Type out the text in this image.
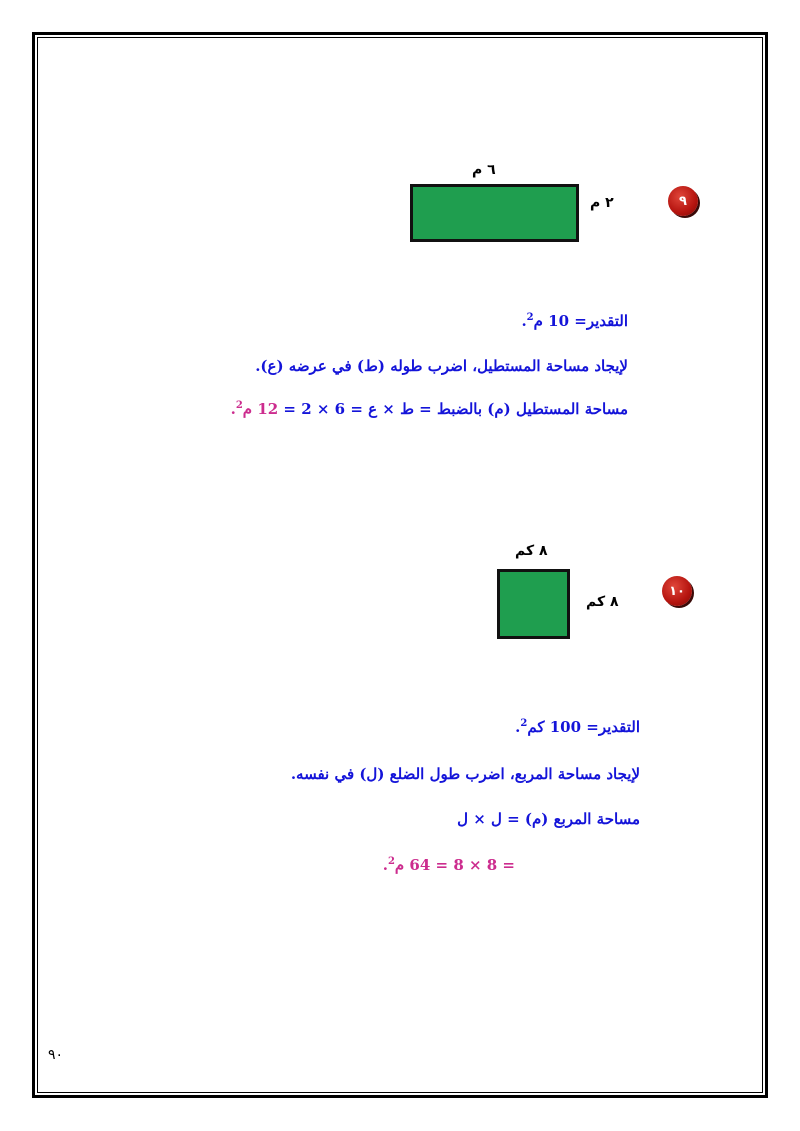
٩
٦ م
٢ م
التقدير= 10 م$^2$.
لإيجاد مساحة المستطيل، اضرب طوله (ط) في عرضه (ع).
مساحة المستطيل (م) بالضبط = ط × ع = 6 × 2 = 12 م$^2$.
١٠
٨ كم
٨ كم
التقدير= 100 كم$^2$.
لإيجاد مساحة المربع، اضرب طول الضلع (ل) في نفسه.
مساحة المربع (م) = ل × ل
= 8 × 8 = 64 م$^2$.
٩٠
